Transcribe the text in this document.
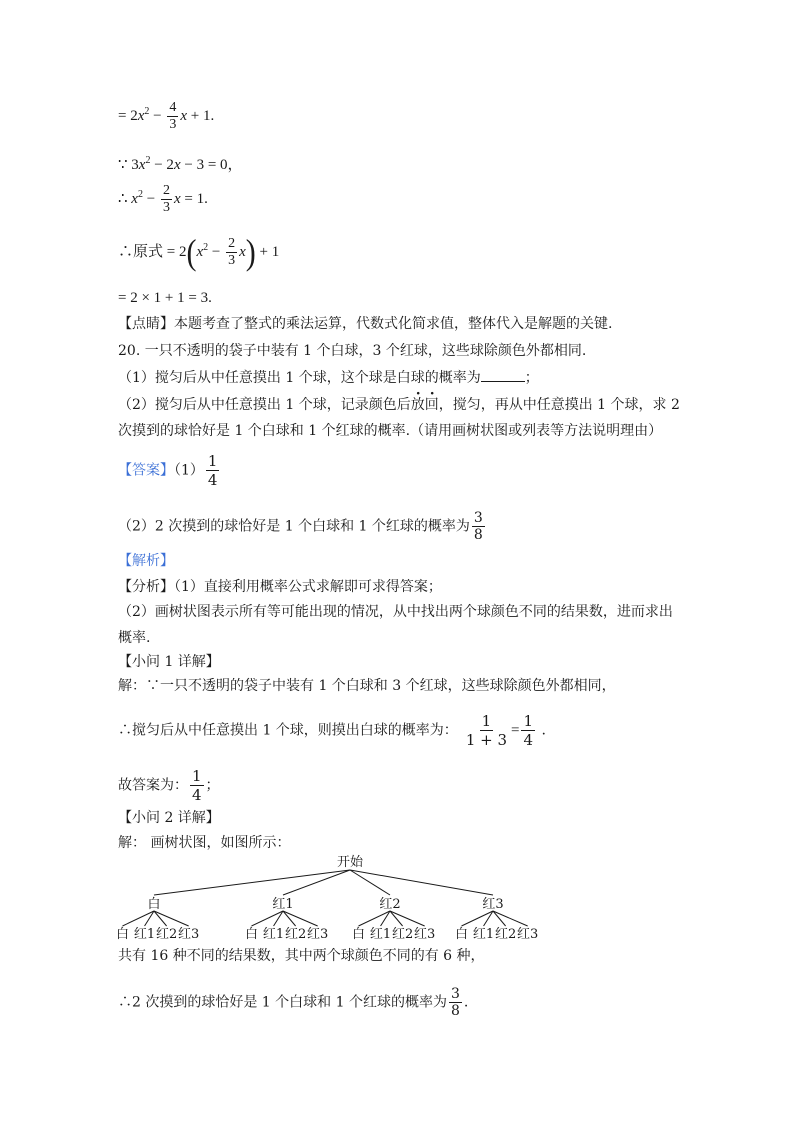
= $2x^2 - \frac{4}{3}$ x + 1.
∵ $3x^2 - 2x - 3 = 0$，
∴ $x^2 - \frac{2}{3}$ x = 1.
∴原式 = $2(x^2 - \frac{2}{3} x) + 1$
= 2 × 1 + 1 = 3.
【点睛】本题考查了整式的乘法运算，代数式化简求值，整体代入是解题的关键.
20. 一只不透明的袋子中装有 1 个白球，3 个红球，这些球除颜色外都相同.
（1）搅匀后从中任意摸出 1 个球，这个球是白球的概率为	；
（2）搅匀后从中任意摸出 1 个球，记录颜色后放回，搅匀，再从中任意摸出 1 个球，求 2
次摸到的球恰好是 1 个白球和 1 个红球的概率.（请用画树状图或列表等方法说明理由）
【答案】$(1) \frac{1}{4}$
（2）2 次摸到的球恰好是 1 个白球和 1 个红球的概率为 $\frac{3}{8}$
【解析】
【分析】（1）直接利用概率公式求解即可求得答案；
（2）画树状图表示所有等可能出现的情况，从中找出两个球颜色不同的结果数，进而求出
概率.
【小问 1 详解】
解：∵一只不透明的袋子中装有 1 个白球和 3 个红球，这些球除颜色外都相同，
∴搅匀后从中任意摸出 1 个球，则摸出白球的概率为： $\frac{1}{1 + 3} = \frac{1}{4}$ .
故答案为： $\frac{1}{4}$ ；
【小问 2 详解】
解： 画树状图，如图所示：
开始
白
白 红1 红2 红3
红1
白 红1 红2 红3
红2
白 红1 红2 红3
红3
白 红1 红2 红3
共有 16 种不同的结果数，其中两个球颜色不同的有 6 种，
∴2 次摸到的球恰好是 1 个白球和 1 个红球的概率为 $\frac{3}{8}$ .
